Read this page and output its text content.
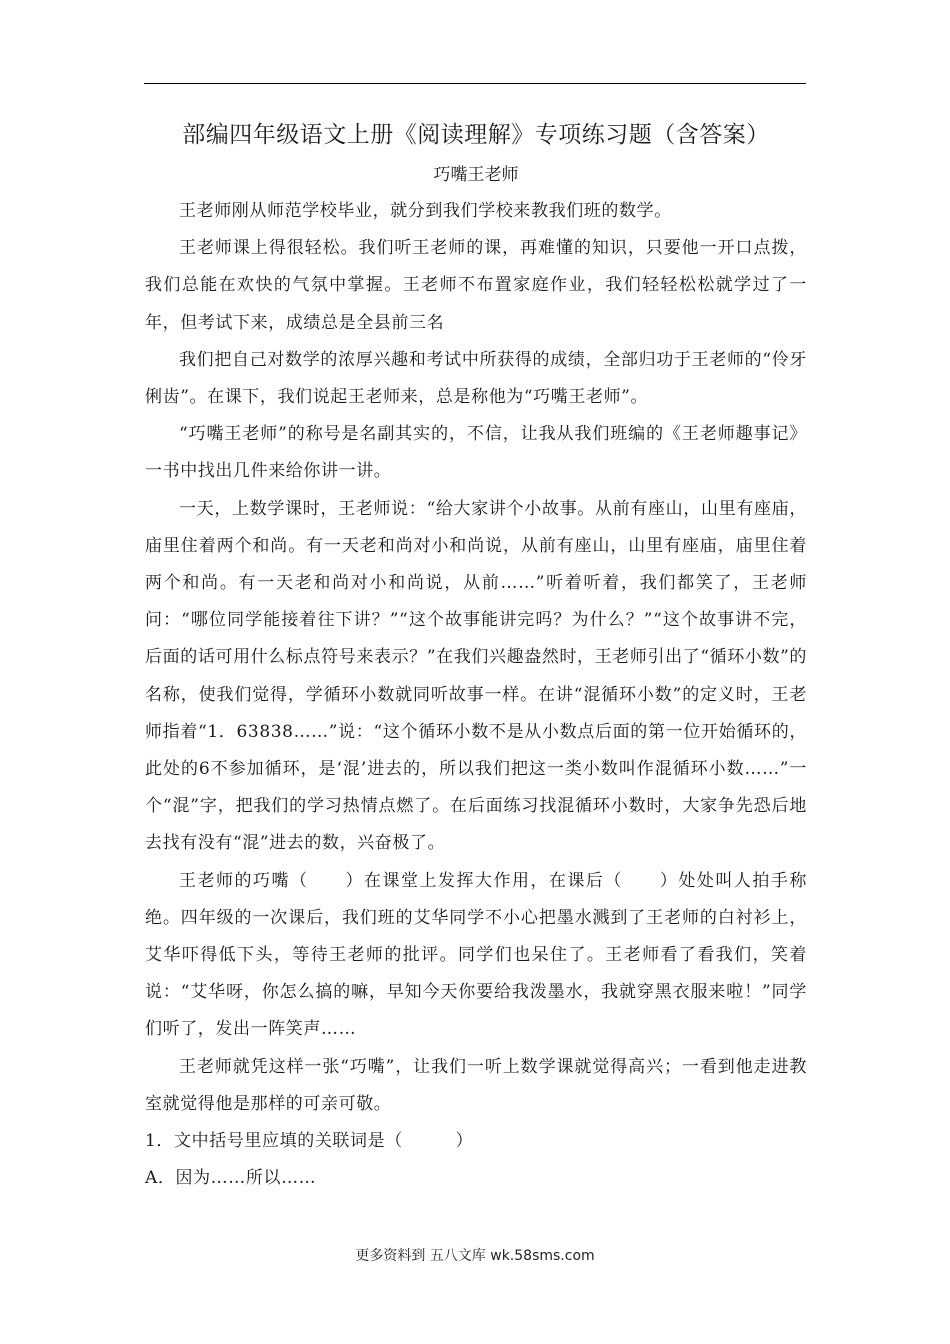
部编四年级语文上册《阅读理解》专项练习题（含答案）
巧嘴王老师

王老师刚从师范学校毕业，就分到我们学校来教我们班的数学。

王老师课上得很轻松。我们听王老师的课，再难懂的知识，只要他一开口点拨，我们总能在欢快的气氛中掌握。王老师不布置家庭作业，我们轻轻松松就学过了一年，但考试下来，成绩总是全县前三名

我们把自己对数学的浓厚兴趣和考试中所获得的成绩，全部归功于王老师的“伶牙俐齿”。在课下，我们说起王老师来，总是称他为“巧嘴王老师”。

“巧嘴王老师”的称号是名副其实的，不信，让我从我们班编的《王老师趣事记》一书中找出几件来给你讲一讲。

一天，上数学课时，王老师说：“给大家讲个小故事。从前有座山，山里有座庙，庙里住着两个和尚。有一天老和尚对小和尚说，从前有座山，山里有座庙，庙里住着两个和尚。有一天老和尚对小和尚说，从前……”听着听着，我们都笑了，王老师问：“哪位同学能接着往下讲？”“这个故事能讲完吗？为什么？”“这个故事讲不完，后面的话可用什么标点符号来表示？”在我们兴趣盎然时，王老师引出了“循环小数”的名称，使我们觉得，学循环小数就同听故事一样。在讲“混循环小数”的定义时，王老师指着“1．63838……”说：“这个循环小数不是从小数点后面的第一位开始循环的，此处的6不参加循环，是‘混’进去的，所以我们把这一类小数叫作混循环小数……”一个“混”字，把我们的学习热情点燃了。在后面练习找混循环小数时，大家争先恐后地去找有没有“混”进去的数，兴奋极了。

王老师的巧嘴（　　）在课堂上发挥大作用，在课后（　　）处处叫人拍手称绝。四年级的一次课后，我们班的艾华同学不小心把墨水溅到了王老师的白衬衫上，艾华吓得低下头，等待王老师的批评。同学们也呆住了。王老师看了看我们，笑着说：“艾华呀，你怎么搞的嘛，早知今天你要给我泼墨水，我就穿黑衣服来啦！”同学们听了，发出一阵笑声……

王老师就凭这样一张“巧嘴”，让我们一听上数学课就觉得高兴；一看到他走进教室就觉得他是那样的可亲可敬。

1．文中括号里应填的关联词是（　　　）

A．因为……所以……

更多资料到 五八文库 wk.58sms.com
